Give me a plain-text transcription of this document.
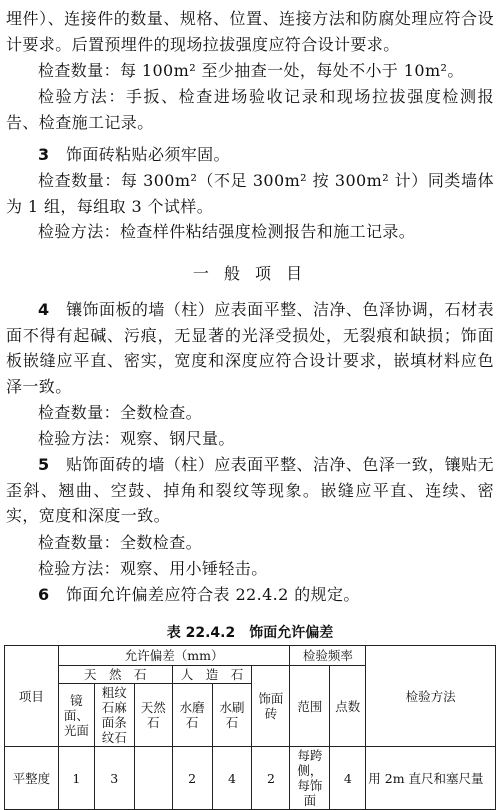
埋件）、连接件的数量、规格、位置、连接方法和防腐处理应符合设计要求。后置预埋件的现场拉拔强度应符合设计要求。

检查数量：每 100m² 至少抽查一处，每处不小于 10m²。

检验方法：手扳、检查进场验收记录和现场拉拔强度检测报告、检查施工记录。

3　 饰面砖粘贴必须牢固。

检查数量：每 300m²（不足 300m² 按 300m² 计）同类墙体为 1 组，每组取 3 个试样。

检验方法：检查样件粘结强度检测报告和施工记录。

一 般 项 目

4　 镶饰面板的墙（柱）应表面平整、洁净、色泽协调，石材表面不得有起碱、污痕，无显著的光泽受损处，无裂痕和缺损；饰面板嵌缝应平直、密实，宽度和深度应符合设计要求，嵌填材料应色泽一致。

检查数量：全数检查。

检验方法：观察、钢尺量。

5　 贴饰面砖的墙（柱）应表面平整、洁净、色泽一致，镶贴无歪斜、翘曲、空鼓、掉角和裂纹等现象。嵌缝应平直、连续、密实，宽度和深度一致。

检查数量：全数检查。

检验方法：观察、用小锤轻击。

6　 饰面允许偏差应符合表 22.4.2 的规定。

表 22.4.2　饰面允许偏差

项目	允许偏差（mm）						检验频率		检验方法
	天　然　石			人　造　石		饰面砖	范围	点数	
	镜面、光面	粗纹石麻面条纹石	天然石	水磨石	水刷石				
平整度	1	3		2	4	2	每跨侧，每饰面	4	用 2m 直尺和塞尺量
